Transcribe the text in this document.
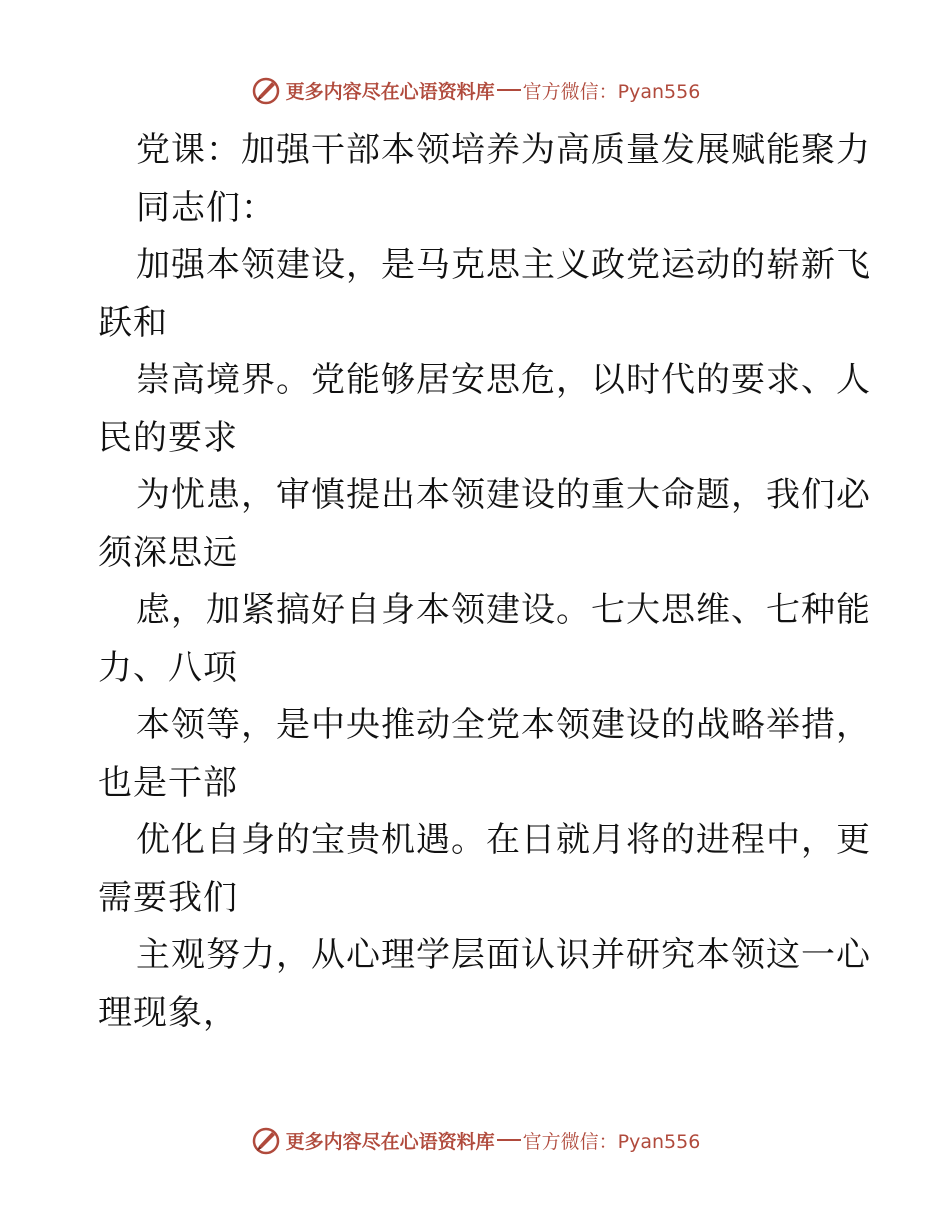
更多内容尽在心语资料库 官方微信：Pyan556
党课：加强干部本领培养为高质量发展赋能聚力
同志们：
加强本领建设，是马克思主义政党运动的崭新飞
跃和
崇高境界。党能够居安思危，以时代的要求、人
民的要求
为忧患，审慎提出本领建设的重大命题，我们必
须深思远
虑，加紧搞好自身本领建设。七大思维、七种能
力、八项
本领等，是中央推动全党本领建设的战略举措，
也是干部
优化自身的宝贵机遇。在日就月将的进程中，更
需要我们
主观努力，从心理学层面认识并研究本领这一心
理现象，
更多内容尽在心语资料库 官方微信：Pyan556
